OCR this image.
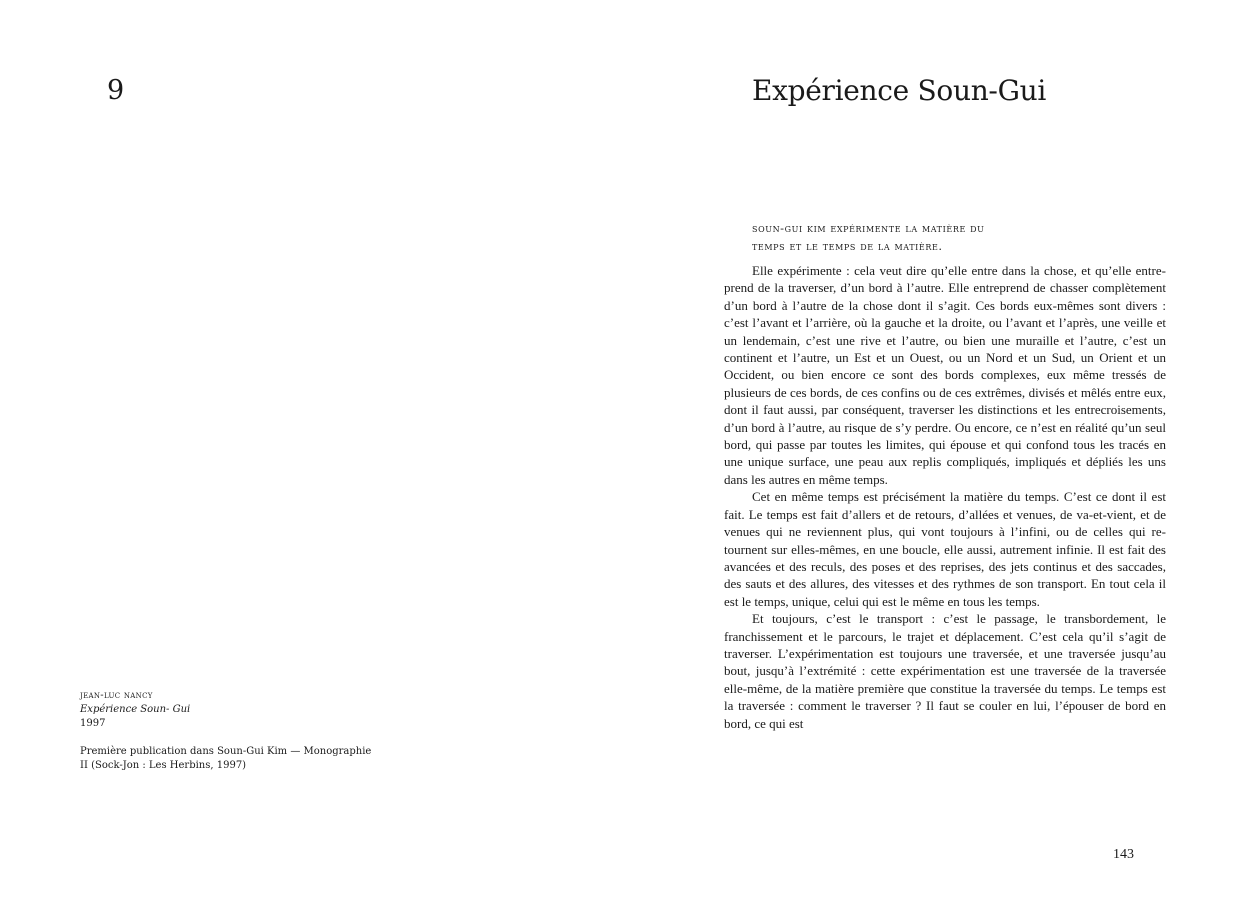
9
jean-luc nancy
Expérience Soun- Gui
1997
Première publication dans Soun-Gui Kim — Monographie
II (Sock-Jon : Les Herbins, 1997)
Expérience Soun-Gui
soun-gui kim expérimente la matière du
temps et le temps de la matière.

Elle expérimente : cela veut dire qu’elle entre dans la chose, et qu’elle entreprend de la traverser, d’un bord à l’autre. Elle entreprend de chasser complètement d’un bord à l’autre de la chose dont il s’agit. Ces bords eux-mêmes sont divers : c’est l’avant et l’arrière, où la gauche et la droite, ou l’avant et l’après, une veille et un lendemain, c’est une rive et l’autre, ou bien une muraille et l’autre, c’est un continent et l’autre, un Est et un Ouest, ou un Nord et un Sud, un Orient et un Occident, ou bien encore ce sont des bords complexes, eux même tressés de plusieurs de ces bords, de ces confins ou de ces extrêmes, divisés et mêlés entre eux, dont il faut aussi, par conséquent, traverser les distinctions et les entrecroisements, d’un bord à l’autre, au risque de s’y perdre. Ou encore, ce n’est en réalité qu’un seul bord, qui passe par toutes les limites, qui épouse et qui confond tous les tracés en une unique surface, une peau aux replis compliqués, impliqués et dépliés les uns dans les autres en même temps.

Cet en même temps est précisément la matière du temps. C’est ce dont il est fait. Le temps est fait d’allers et de retours, d’allées et venues, de va-et-vient, et de venues qui ne reviennent plus, qui vont toujours à l’infini, ou de celles qui retournent sur elles-mêmes, en une boucle, elle aussi, autrement infinie. Il est fait des avancées et des reculs, des poses et des reprises, des jets continus et des saccades, des sauts et des allures, des vitesses et des rythmes de son transport. En tout cela il est le temps, unique, celui qui est le même en tous les temps.

Et toujours, c’est le transport : c’est le passage, le transbordement, le franchissement et le parcours, le trajet et déplacement. C’est cela qu’il s’agit de traverser. L’expérimentation est toujours une traversée, et une traversée jusqu’au bout, jusqu’à l’extrémité : cette expérimentation est une traversée de la traversée elle-même, de la matière première que constitue la traversée du temps. Le temps est la traversée : comment le traverser ? Il faut se couler en lui, l’épouser de bord en bord, ce qui est

143
